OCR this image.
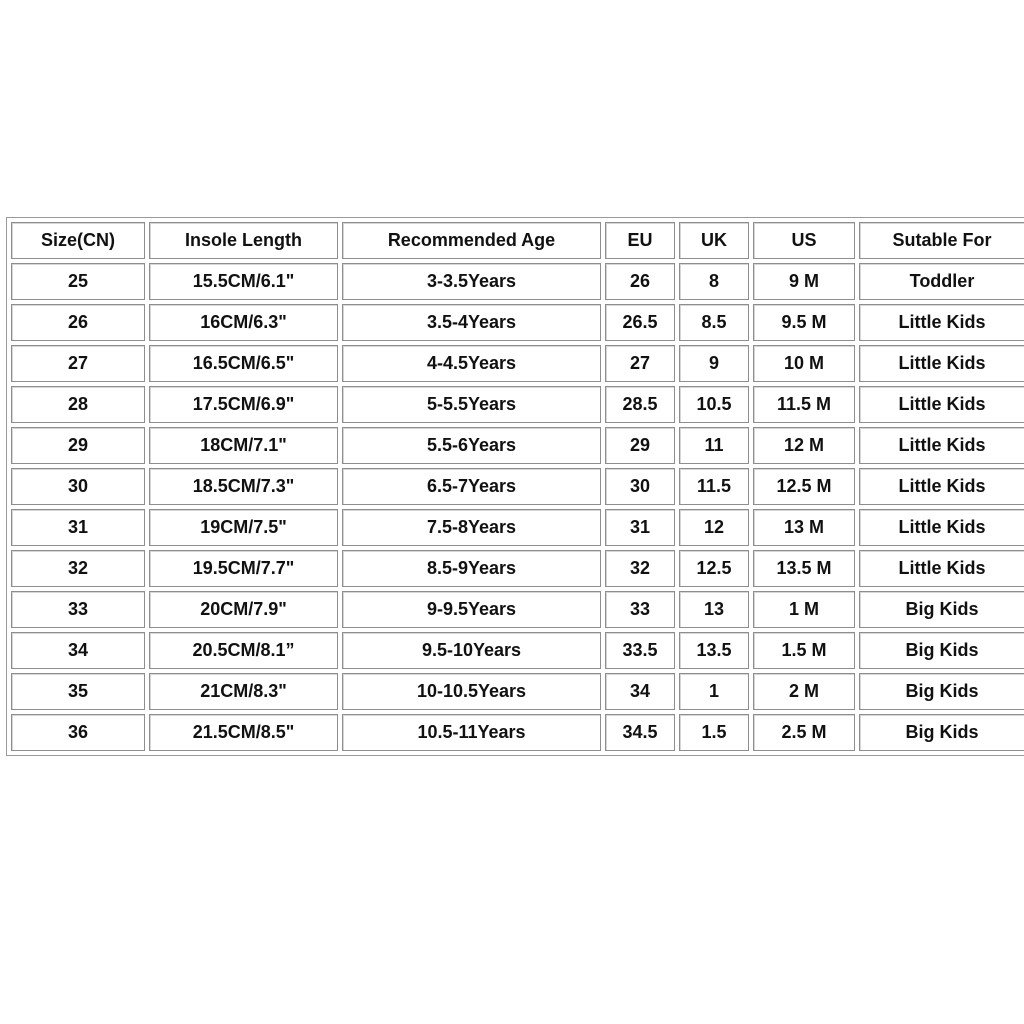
Size(CN)	Insole Length	Recommended Age	EU	UK	US	Sutable For
25	15.5CM/6.1"	3-3.5Years	26	8	9 M	Toddler
26	16CM/6.3"	3.5-4Years	26.5	8.5	9.5 M	Little Kids
27	16.5CM/6.5"	4-4.5Years	27	9	10 M	Little Kids
28	17.5CM/6.9"	5-5.5Years	28.5	10.5	11.5 M	Little Kids
29	18CM/7.1"	5.5-6Years	29	11	12 M	Little Kids
30	18.5CM/7.3"	6.5-7Years	30	11.5	12.5 M	Little Kids
31	19CM/7.5"	7.5-8Years	31	12	13 M	Little Kids
32	19.5CM/7.7"	8.5-9Years	32	12.5	13.5 M	Little Kids
33	20CM/7.9"	9-9.5Years	33	13	1 M	Big Kids
34	20.5CM/8.1”	9.5-10Years	33.5	13.5	1.5 M	Big Kids
35	21CM/8.3"	10-10.5Years	34	1	2 M	Big Kids
36	21.5CM/8.5"	10.5-11Years	34.5	1.5	2.5 M	Big Kids
